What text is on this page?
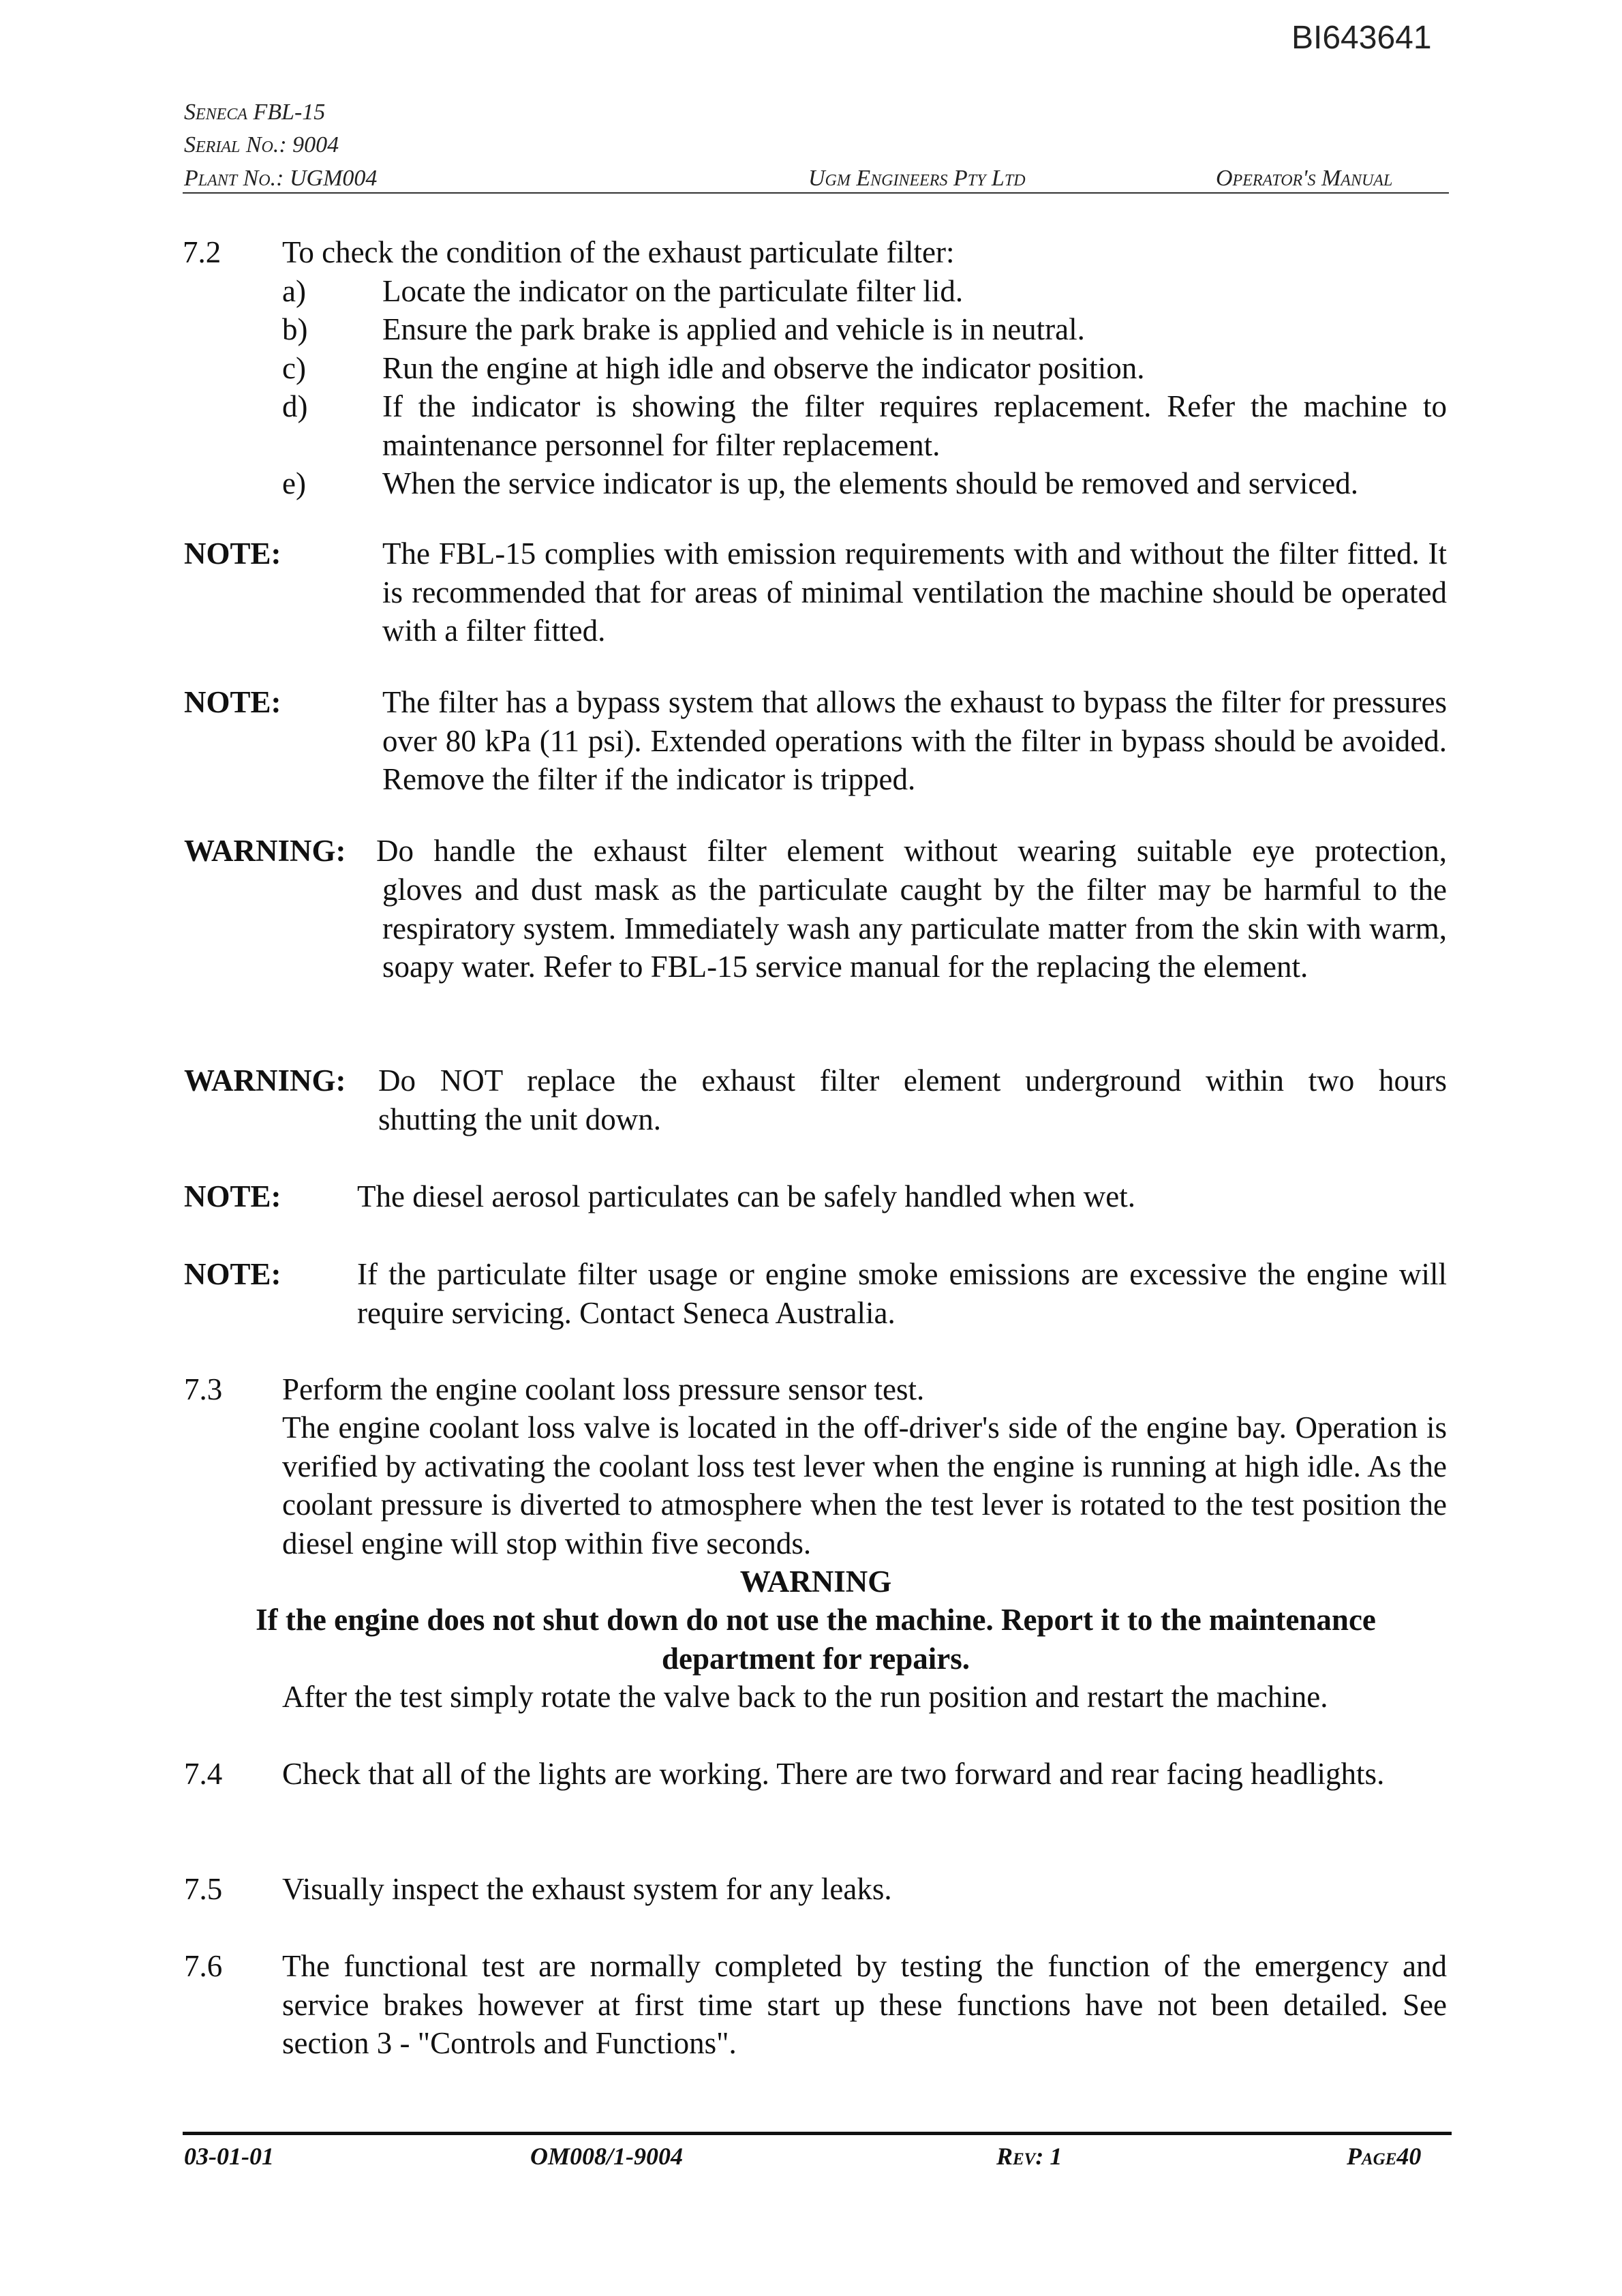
BI643641
Seneca FBL-15
Serial No.: 9004
Plant No.: UGM004	Ugm Engineers Pty Ltd	Operator's Manual
7.2	To check the condition of the exhaust particulate filter:
a) Locate the indicator on the particulate filter lid.
b) Ensure the park brake is applied and vehicle is in neutral.
c) Run the engine at high idle and observe the indicator position.
d) If the indicator is showing the filter requires replacement. Refer the machine to maintenance personnel for filter replacement.
e) When the service indicator is up, the elements should be removed and serviced.
NOTE:	The FBL-15 complies with emission requirements with and without the filter fitted. It is recommended that for areas of minimal ventilation the machine should be operated with a filter fitted.
NOTE:	The filter has a bypass system that allows the exhaust to bypass the filter for pressures over 80 kPa (11 psi). Extended operations with the filter in bypass should be avoided. Remove the filter if the indicator is tripped.
WARNING: Do handle the exhaust filter element without wearing suitable eye protection,
gloves and dust mask as the particulate caught by the filter may be harmful to the respiratory system. Immediately wash any particulate matter from the skin with warm, soapy water. Refer to FBL-15 service manual for the replacing the element.
WARNING: Do NOT replace the exhaust filter element underground within two hours
shutting the unit down.
NOTE: The diesel aerosol particulates can be safely handled when wet.
NOTE: If the particulate filter usage or engine smoke emissions are excessive the engine will require servicing. Contact Seneca Australia.
7.3	Perform the engine coolant loss pressure sensor test.
The engine coolant loss valve is located in the off-driver's side of the engine bay. Operation is verified by activating the coolant loss test lever when the engine is running at high idle. As the coolant pressure is diverted to atmosphere when the test lever is rotated to the test position the diesel engine will stop within five seconds.
WARNING
If the engine does not shut down do not use the machine. Report it to the maintenance
department for repairs.
After the test simply rotate the valve back to the run position and restart the machine.
7.4	Check that all of the lights are working. There are two forward and rear facing headlights.
7.5	Visually inspect the exhaust system for any leaks.
7.6	The functional test are normally completed by testing the function of the emergency and service brakes however at first time start up these functions have not been detailed. See section 3 - "Controls and Functions".
03-01-01	OM008/1-9004	Rev: 1	Page40
